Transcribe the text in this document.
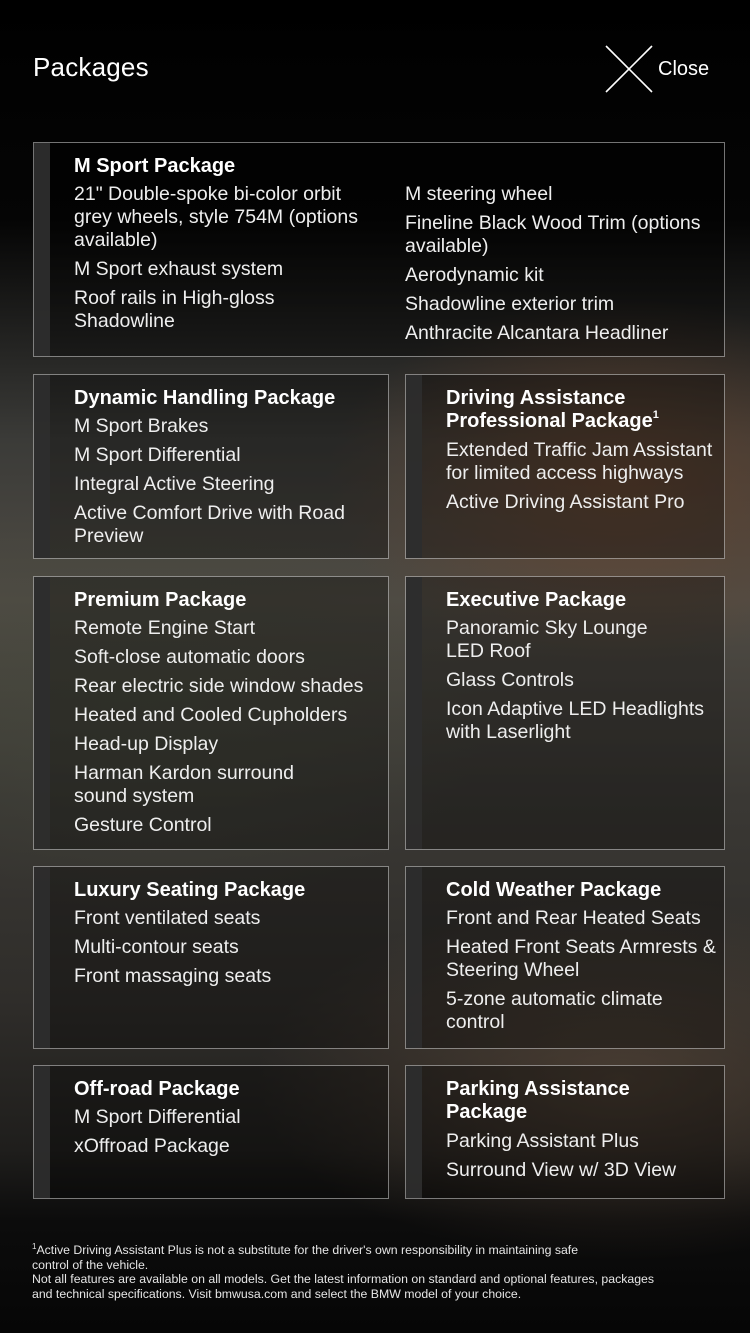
Packages	Close
M Sport Package
21" Double-spoke bi-color orbit grey wheels, style 754M (options available)
M Sport exhaust system
Roof rails in High-gloss Shadowline
M steering wheel
Fineline Black Wood Trim (options available)
Aerodynamic kit
Shadowline exterior trim
Anthracite Alcantara Headliner
Dynamic Handling Package
M Sport Brakes
M Sport Differential
Integral Active Steering
Active Comfort Drive with Road Preview
Driving Assistance Professional Package$^1$
Extended Traffic Jam Assistant for limited access highways
Active Driving Assistant Pro
Premium Package
Remote Engine Start
Soft-close automatic doors
Rear electric side window shades
Heated and Cooled Cupholders
Head-up Display
Harman Kardon surround sound system
Gesture Control
Executive Package
Panoramic Sky Lounge LED Roof
Glass Controls
Icon Adaptive LED Headlights with Laserlight
Luxury Seating Package
Front ventilated seats
Multi-contour seats
Front massaging seats
Cold Weather Package
Front and Rear Heated Seats
Heated Front Seats Armrests & Steering Wheel
5-zone automatic climate control
Off-road Package
M Sport Differential
xOffroad Package
Parking Assistance Package
Parking Assistant Plus
Surround View w/ 3D View
$^1$Active Driving Assistant Plus is not a substitute for the driver's own responsibility in maintaining safe control of the vehicle.
Not all features are available on all models. Get the latest information on standard and optional features, packages and technical specifications. Visit bmwusa.com and select the BMW model of your choice.
